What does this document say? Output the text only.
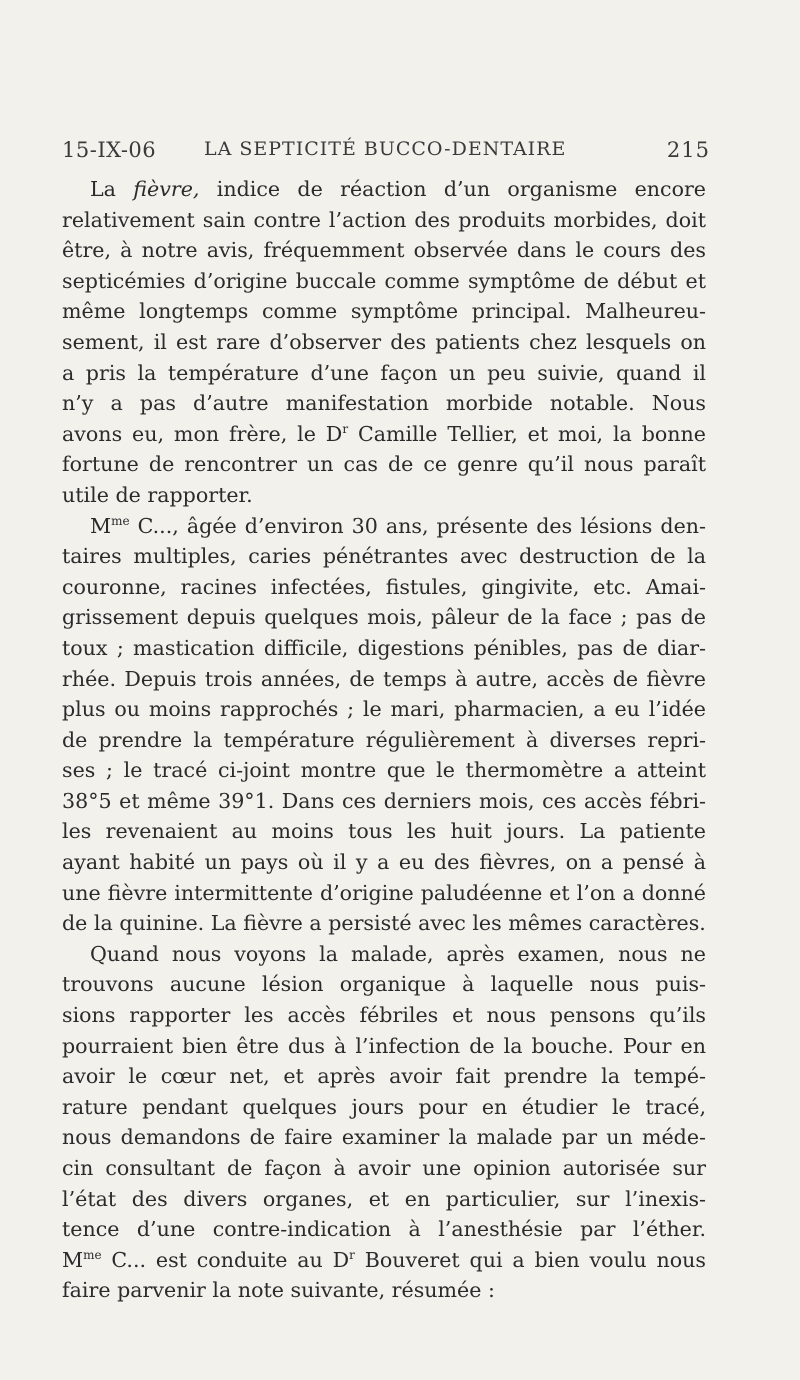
15-IX-06	LA SEPTICITÉ BUCCO-DENTAIRE	215
La fièvre, indice de réaction d’un organisme encore
relativement sain contre l’action des produits morbides, doit
être, à notre avis, fréquemment observée dans le cours des
septicémies d’origine buccale comme symptôme de début et
même longtemps comme symptôme principal. Malheureu-
sement, il est rare d’observer des patients chez lesquels on
a pris la température d’une façon un peu suivie, quand il
n’y a pas d’autre manifestation morbide notable. Nous
avons eu, mon frère, le $D^r$ Camille Tellier, et moi, la bonne
fortune de rencontrer un cas de ce genre qu’il nous paraît
utile de rapporter.
$M^{me}$ C..., âgée d’environ 30 ans, présente des lésions den-
taires multiples, caries pénétrantes avec destruction de la
couronne, racines infectées, fistules, gingivite, etc. Amai-
grissement depuis quelques mois, pâleur de la face ; pas de
toux ; mastication difficile, digestions pénibles, pas de diar-
rhée. Depuis trois années, de temps à autre, accès de fièvre
plus ou moins rapprochés ; le mari, pharmacien, a eu l’idée
de prendre la température régulièrement à diverses repri-
ses ; le tracé ci-joint montre que le thermomètre a atteint
38°5 et même 39°1. Dans ces derniers mois, ces accès fébri-
les revenaient au moins tous les huit jours. La patiente
ayant habité un pays où il y a eu des fièvres, on a pensé à
une fièvre intermittente d’origine paludéenne et l’on a donné
de la quinine. La fièvre a persisté avec les mêmes caractères.
Quand nous voyons la malade, après examen, nous ne
trouvons aucune lésion organique à laquelle nous puis-
sions rapporter les accès fébriles et nous pensons qu’ils
pourraient bien être dus à l’infection de la bouche. Pour en
avoir le cœur net, et après avoir fait prendre la tempé-
rature pendant quelques jours pour en étudier le tracé,
nous demandons de faire examiner la malade par un méde-
cin consultant de façon à avoir une opinion autorisée sur
l’état des divers organes, et en particulier, sur l’inexis-
tence d’une contre-indication à l’anesthésie par l’éther.
$M^{me}$ C... est conduite au $D^r$ Bouveret qui a bien voulu nous
faire parvenir la note suivante, résumée :
